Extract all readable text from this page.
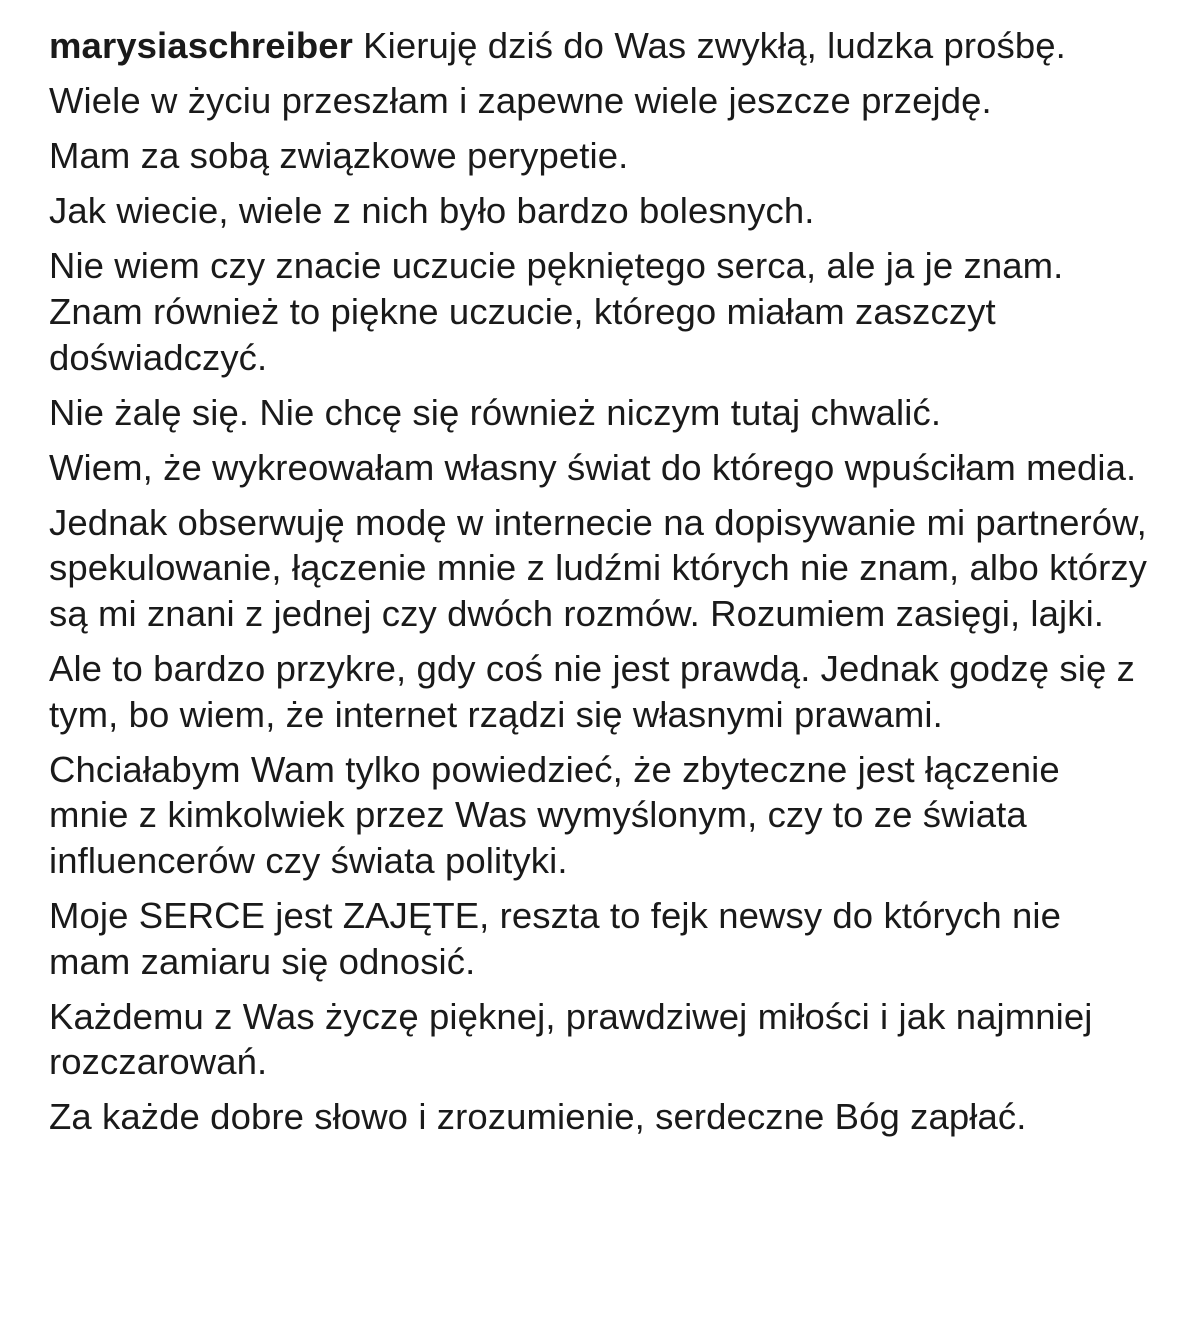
marysiaschreiber Kieruję dziś do Was zwykłą, ludzka prośbę.

Wiele w życiu przeszłam i zapewne wiele jeszcze przejdę.

Mam za sobą związkowe perypetie.

Jak wiecie, wiele z nich było bardzo bolesnych.

Nie wiem czy znacie uczucie pękniętego serca, ale ja je znam. Znam również to piękne uczucie, którego miałam zaszczyt doświadczyć.

Nie żalę się. Nie chcę się również niczym tutaj chwalić.

Wiem, że wykreowałam własny świat do którego wpuściłam media.

Jednak obserwuję modę w internecie na dopisywanie mi partnerów, spekulowanie, łączenie mnie z ludźmi których nie znam, albo którzy są mi znani z jednej czy dwóch rozmów. Rozumiem zasięgi, lajki.

Ale to bardzo przykre, gdy coś nie jest prawdą. Jednak godzę się z tym, bo wiem, że internet rządzi się własnymi prawami.

Chciałabym Wam tylko powiedzieć, że zbyteczne jest łączenie mnie z kimkolwiek przez Was wymyślonym, czy to ze świata influencerów czy świata polityki.

Moje SERCE jest ZAJĘTE, reszta to fejk newsy do których nie mam zamiaru się odnosić.

Każdemu z Was życzę pięknej, prawdziwej miłości i jak najmniej rozczarowań.

Za każde dobre słowo i zrozumienie, serdeczne Bóg zapłać.
